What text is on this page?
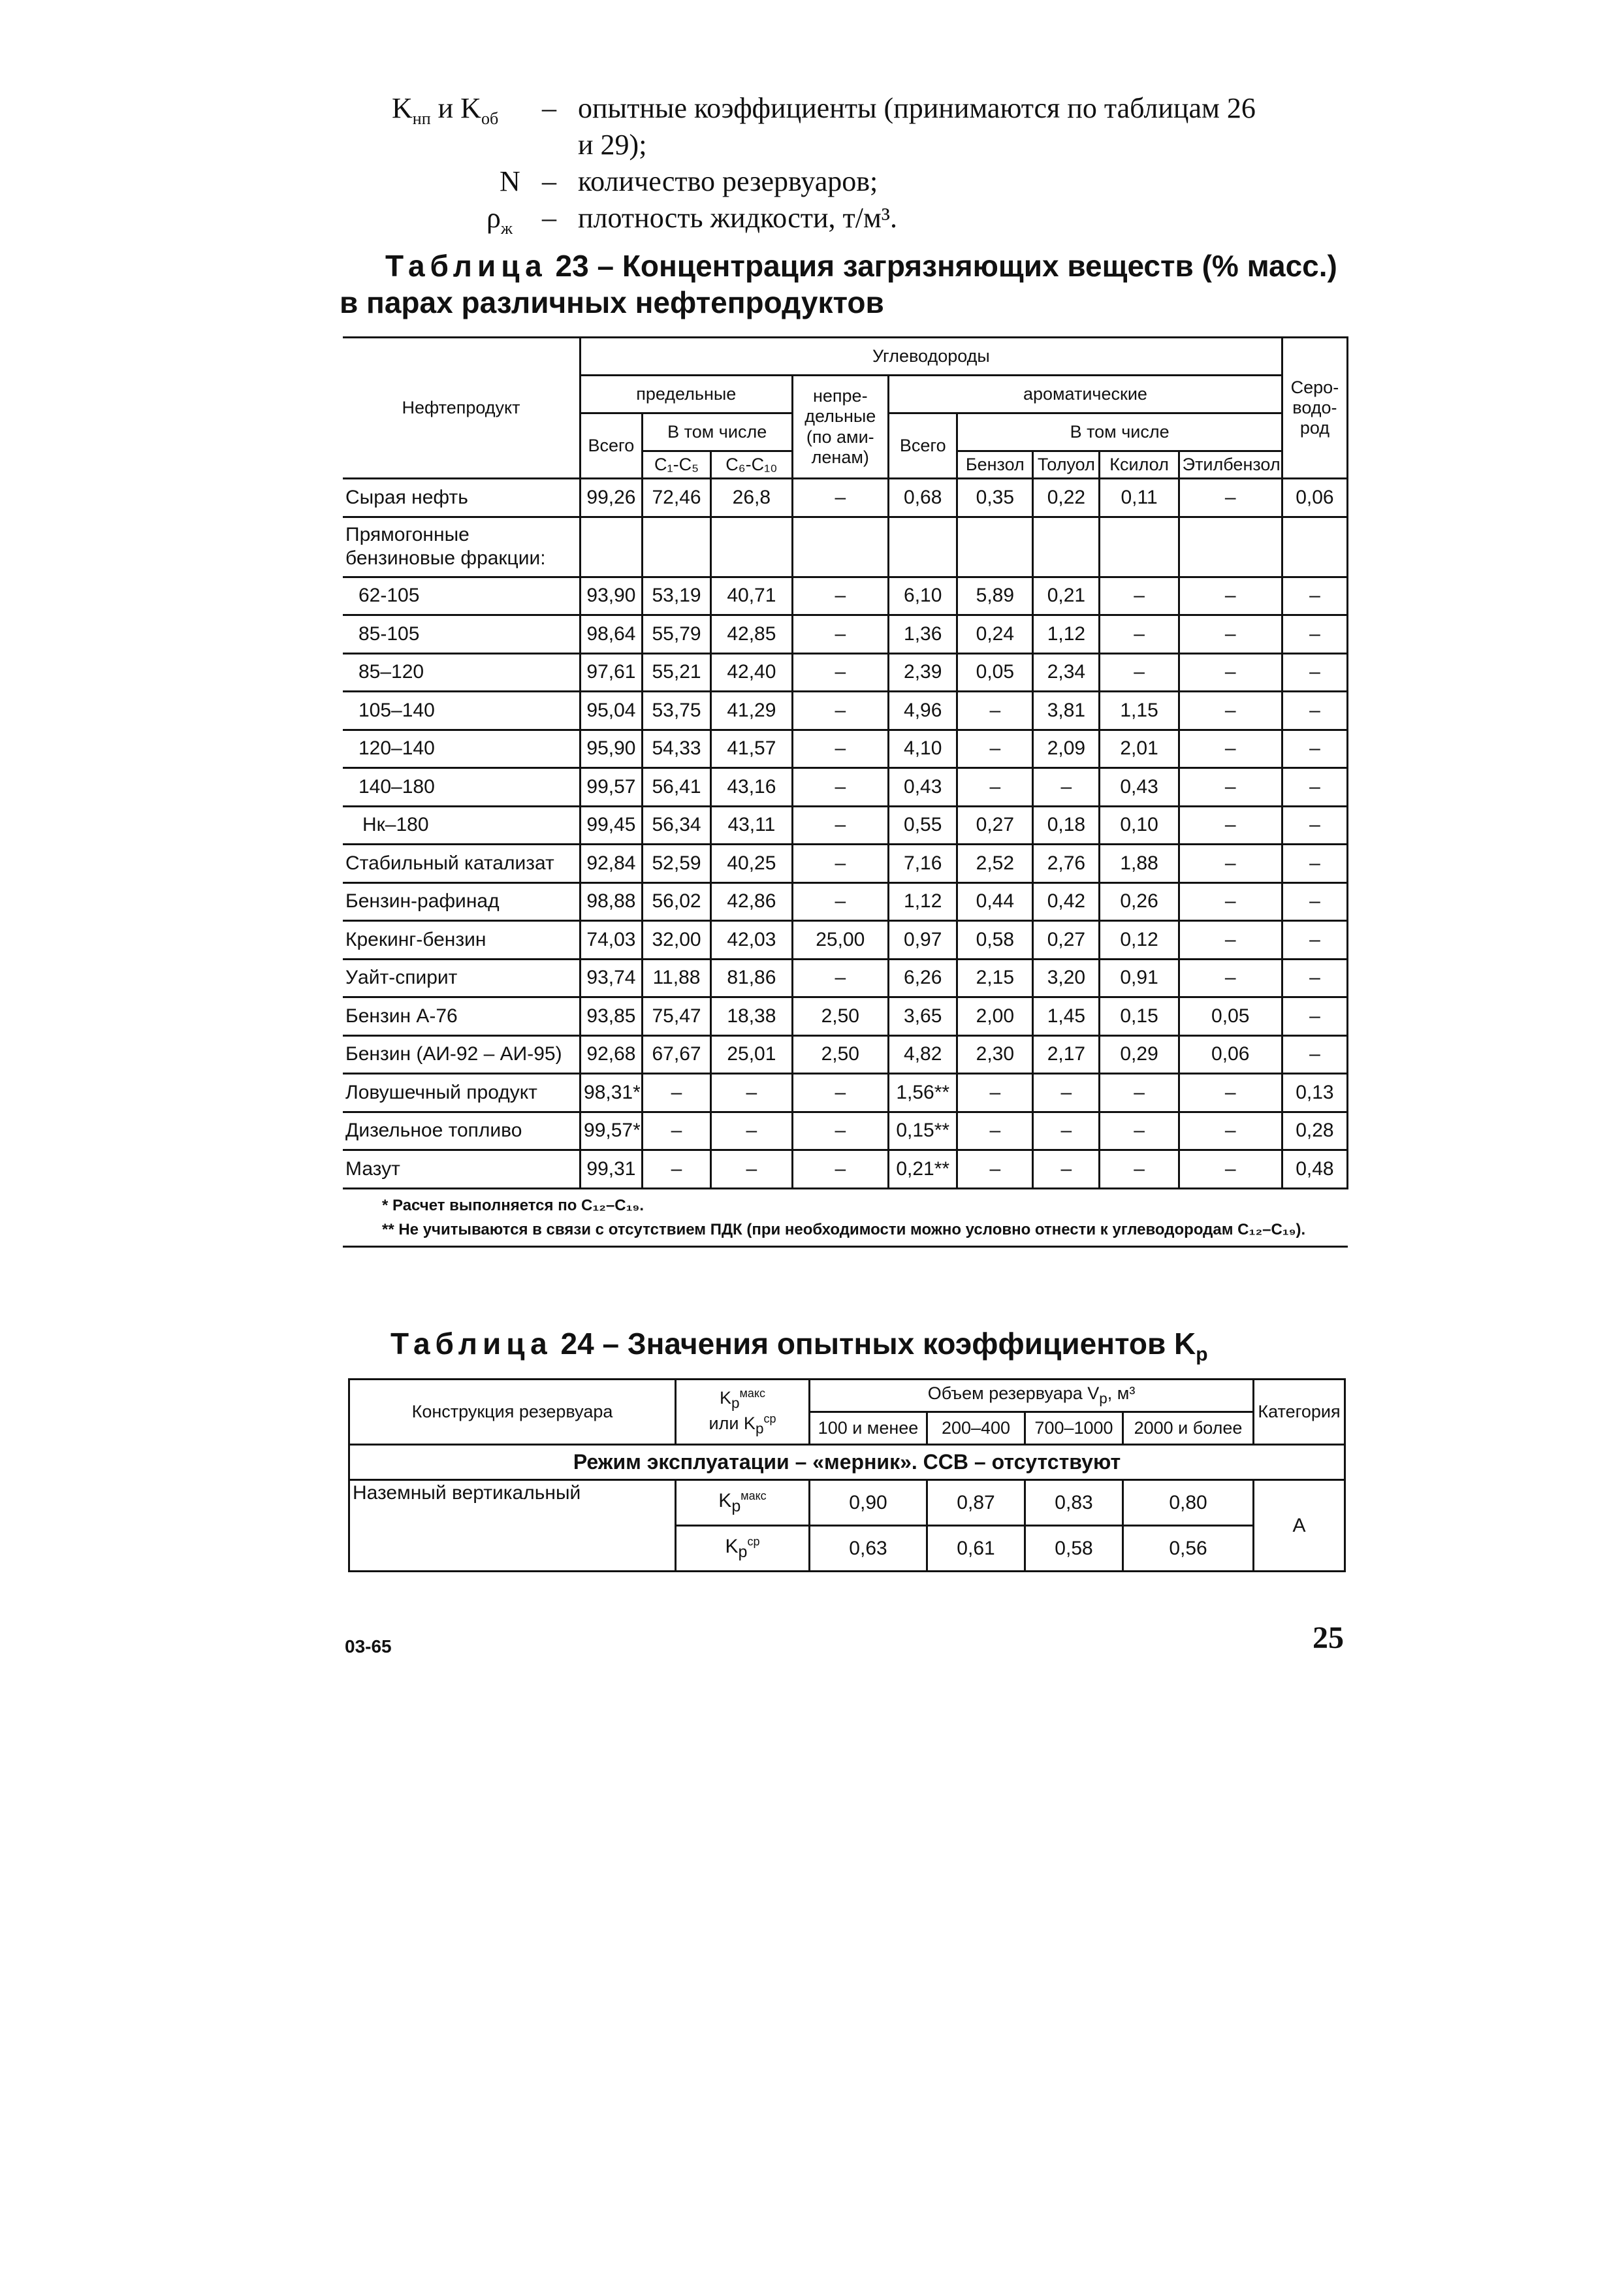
$K_{нп}$ и $K_{об}$ – опытные коэффициенты (принимаются по таблицам 26
и 29);
N – количество резервуаров;
$\rho_ж$ – плотность жидкости, т/м³.
Таблица 23 – Концентрация загрязняющих веществ (% масс.)
в парах различных нефтепродуктов
Нефтепродукт	Углеводороды									Серо-водо-род
	предельные			непре-дельные (по ами-ленам)	ароматические					
	Всего	В том числе			Всего	В том числе				
		C₁-C₅	C₆-C₁₀			Бензол	Толуол	Ксилол	Этилбензол	
Сырая нефть	99,26	72,46	26,8	–	0,68	0,35	0,22	0,11	–	0,06
Прямогонные бензиновые фракции:										
62-105	93,90	53,19	40,71	–	6,10	5,89	0,21	–	–	–
85-105	98,64	55,79	42,85	–	1,36	0,24	1,12	–	–	–
85–120	97,61	55,21	42,40	–	2,39	0,05	2,34	–	–	–
105–140	95,04	53,75	41,29	–	4,96	–	3,81	1,15	–	–
120–140	95,90	54,33	41,57	–	4,10	–	2,09	2,01	–	–
140–180	99,57	56,41	43,16	–	0,43	–	–	0,43	–	–
Нк–180	99,45	56,34	43,11	–	0,55	0,27	0,18	0,10	–	–
Стабильный катализат	92,84	52,59	40,25	–	7,16	2,52	2,76	1,88	–	–
Бензин-рафинад	98,88	56,02	42,86	–	1,12	0,44	0,42	0,26	–	–
Крекинг-бензин	74,03	32,00	42,03	25,00	0,97	0,58	0,27	0,12	–	–
Уайт-спирит	93,74	11,88	81,86	–	6,26	2,15	3,20	0,91	–	–
Бензин А-76	93,85	75,47	18,38	2,50	3,65	2,00	1,45	0,15	0,05	–
Бензин (АИ-92 – АИ-95)	92,68	67,67	25,01	2,50	4,82	2,30	2,17	0,29	0,06	–
Ловушечный продукт	98,31*	–	–	–	1,56**	–	–	–	–	0,13
Дизельное топливо	99,57*	–	–	–	0,15**	–	–	–	–	0,28
Мазут	99,31	–	–	–	0,21**	–	–	–	–	0,48

* Расчет выполняется по C₁₂–C₁₉.
** Не учитываются в связи с отсутствием ПДК (при необходимости можно условно отнести к углеводородам C₁₂–C₁₉).										
Таблица 24 – Значения опытных коэффициентов $K_р$
Конструкция резервуара	$K_р^{макс}$
или $K_р^{ср}$	Объем резервуара $V_р$, м³				Категория
		100 и менее	200–400	700–1000	2000 и более	
Режим эксплуатации – «мерник». ССВ – отсутствуют						
Наземный вертикальный	$K_р^{макс}$	0,90	0,87	0,83	0,80	А
	$K_р^{ср}$	0,63	0,61	0,58	0,56	
03-65	25
